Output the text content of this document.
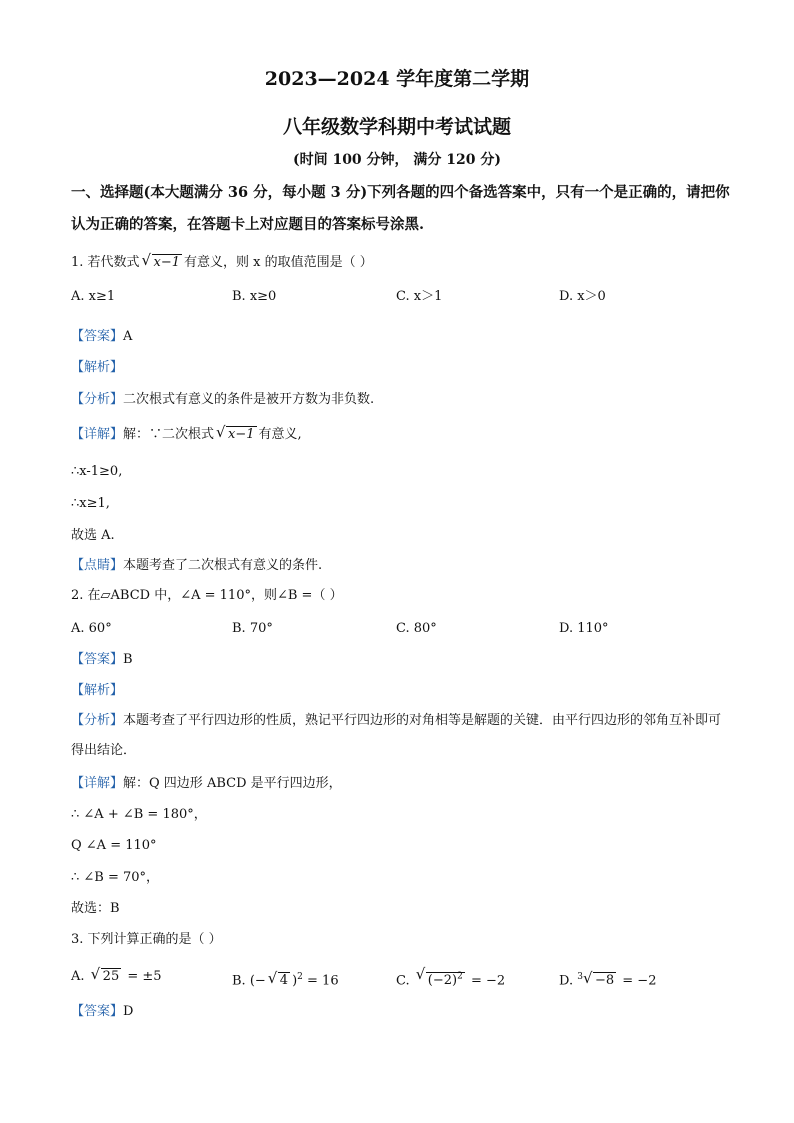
2023—2024 学年度第二学期
八年级数学科期中考试试题
(时间 100 分钟， 满分 120 分)
一、选择题(本大题满分 36 分，每小题 3 分)下列各题的四个备选答案中，只有一个是正确的，请把你认为正确的答案，在答题卡上对应题目的答案标号涂黑.
1. 若代数式 √ x−1 有意义，则 x 的取值范围是（ ）
A. x≥1	B. x≥0	C. x＞1	D. x＞0
【答案】A
【解析】
【分析】二次根式有意义的条件是被开方数为非负数.
【详解】解：∵二次根式 √ x−1 有意义,
∴x-1≥0,
∴x≥1,
故选 A.
【点睛】本题考查了二次根式有意义的条件.
2. 在▱ABCD 中，∠A = 110°，则∠B =（ ）
A. 60°	B. 70°	C. 80°	D. 110°
【答案】B
【解析】
【分析】本题考查了平行四边形的性质，熟记平行四边形的对角相等是解题的关键．由平行四边形的邻角互补即可得出结论．
【详解】解：Q 四边形 ABCD 是平行四边形，
∴ ∠A + ∠B = 180°，
Q ∠A = 110°
∴ ∠B = 70°，
故选：B
3. 下列计算正确的是（ ）
A. √ 25 = ±5	B. (− √ 4 )$^2$ = 16	C. √ $(-2)^2 = -2$	D. $^3$ √ −8 = −2
【答案】D
